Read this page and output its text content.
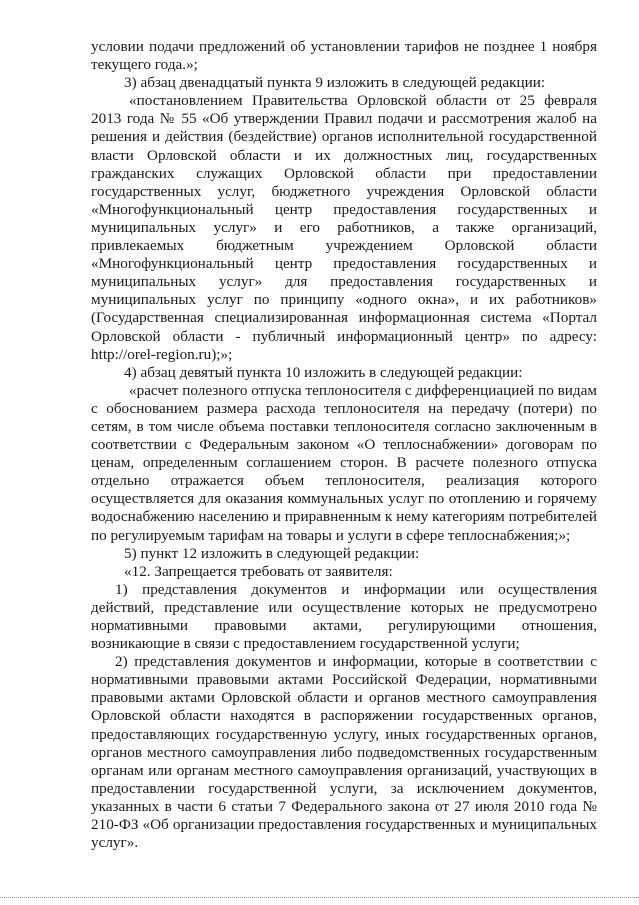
условии подачи предложений об установлении тарифов не позднее 1 ноября текущего года.»;

3) абзац двенадцатый пункта 9 изложить в следующей редакции:

«постановлением Правительства Орловской области от 25 февраля 2013 года № 55 «Об утверждении Правил подачи и рассмотрения жалоб на решения и действия (бездействие) органов исполнительной государственной власти Орловской области и их должностных лиц, государственных гражданских служащих Орловской области при предоставлении государственных услуг, бюджетного учреждения Орловской области «Многофункциональный центр предоставления государственных и муниципальных услуг» и его работников, а также организаций, привлекаемых бюджетным учреждением Орловской области «Многофункциональный центр предоставления государственных и муниципальных услуг» для предоставления государственных и муниципальных услуг по принципу «одного окна», и их работников» (Государственная специализированная информационная система «Портал Орловской области - публичный информационный центр» по адресу: http://orel-region.ru);»;

4) абзац девятый пункта 10 изложить в следующей редакции:

«расчет полезного отпуска теплоносителя с дифференциацией по видам с обоснованием размера расхода теплоносителя на передачу (потери) по сетям, в том числе объема поставки теплоносителя согласно заключенным в соответствии с Федеральным законом «О теплоснабжении» договорам по ценам, определенным соглашением сторон. В расчете полезного отпуска отдельно отражается объем теплоносителя, реализация которого осуществляется для оказания коммунальных услуг по отоплению и горячему водоснабжению населению и приравненным к нему категориям потребителей по регулируемым тарифам на товары и услуги в сфере теплоснабжения;»;

5) пункт 12 изложить в следующей редакции:

«12. Запрещается требовать от заявителя:

1) представления документов и информации или осуществления действий, представление или осуществление которых не предусмотрено нормативными правовыми актами, регулирующими отношения, возникающие в связи с предоставлением государственной услуги;

2) представления документов и информации, которые в соответствии с нормативными правовыми актами Российской Федерации, нормативными правовыми актами Орловской области и органов местного самоуправления Орловской области находятся в распоряжении государственных органов, предоставляющих государственную услугу, иных государственных органов, органов местного самоуправления либо подведомственных государственным органам или органам местного самоуправления организаций, участвующих в предоставлении государственной услуги, за исключением документов, указанных в части 6 статьи 7 Федерального закона от 27 июля 2010 года № 210-ФЗ «Об организации предоставления государственных и муниципальных услуг».
